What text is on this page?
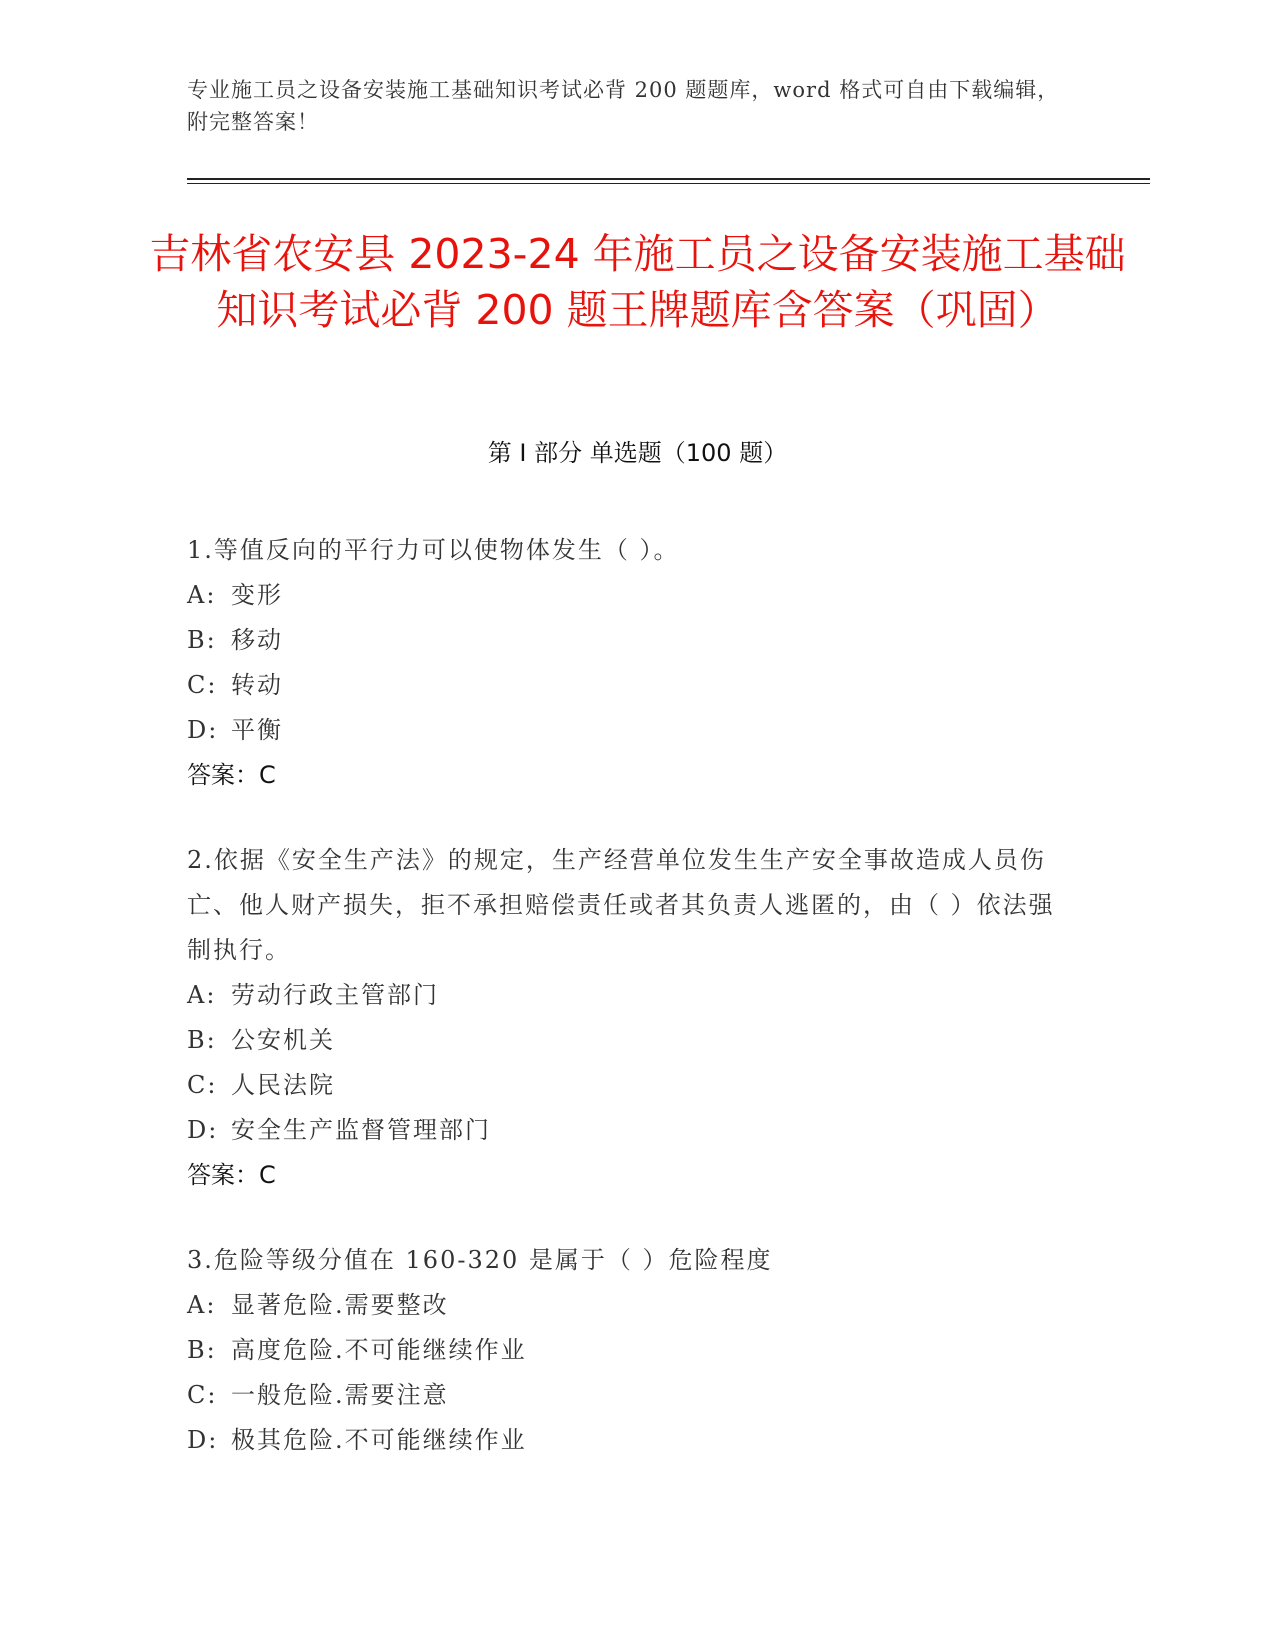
专业施工员之设备安装施工基础知识考试必背 200 题题库，word 格式可自由下载编辑，附完整答案！
吉林省农安县 2023-24 年施工员之设备安装施工基础知识考试必背 200 题王牌题库含答案（巩固）
第 I 部分 单选题（100 题）
1.等值反向的平行力可以使物体发生（ ）。
A: 变形
B: 移动
C: 转动
D: 平衡
答案：C
2.依据《安全生产法》的规定，生产经营单位发生生产安全事故造成人员伤亡、他人财产损失，拒不承担赔偿责任或者其负责人逃匿的，由（ ）依法强制执行。
A: 劳动行政主管部门
B: 公安机关
C: 人民法院
D: 安全生产监督管理部门
答案：C
3.危险等级分值在 160-320 是属于（ ）危险程度
A: 显著危险.需要整改
B: 高度危险.不可能继续作业
C: 一般危险.需要注意
D: 极其危险.不可能继续作业
